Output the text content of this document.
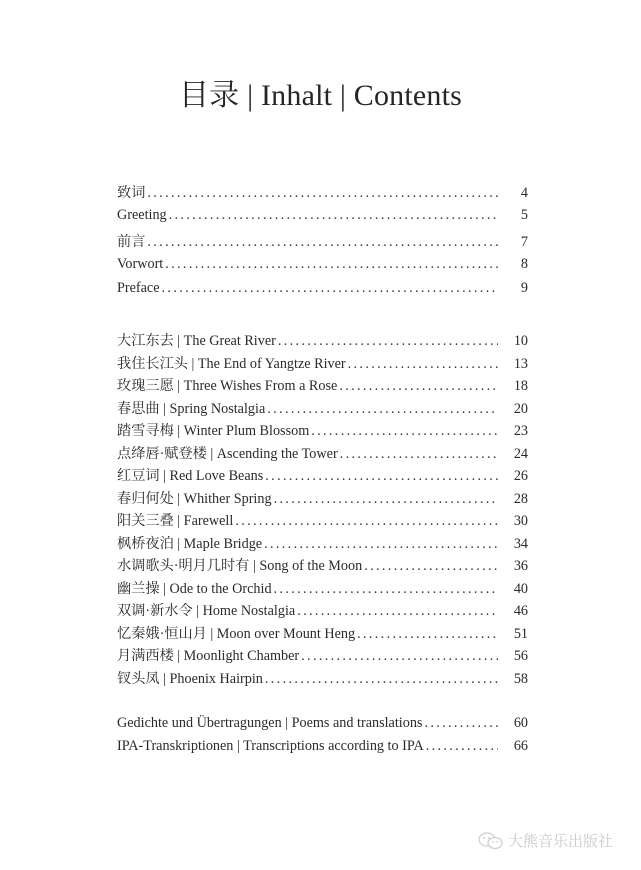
目录 | Inhalt | Contents
致词 . . .	4
Greeting . . .	5
前言 . . .	7
Vorwort . . .	8
Preface . . .	9
大江东去 | The Great River . . .	10
我住长江头 | The End of Yangtze River . . .	13
玫瑰三愿 | Three Wishes From a Rose . . .	18
春思曲 | Spring Nostalgia . . .	20
踏雪寻梅 | Winter Plum Blossom . . .	23
点绛唇·赋登楼 | Ascending the Tower . . .	24
红豆词 | Red Love Beans . . .	26
春归何处 | Whither Spring . . .	28
阳关三叠 | Farewell . . .	30
枫桥夜泊 | Maple Bridge . . .	34
水调歌头·明月几时有 | Song of the Moon . . .	36
幽兰操 | Ode to the Orchid . . .	40
双调·新水令 | Home Nostalgia . . .	46
忆秦娥·恒山月 | Moon over Mount Heng . . .	51
月满西楼 | Moonlight Chamber . . .	56
钗头凤 | Phoenix Hairpin . . .	58
Gedichte und Übertragungen | Poems and translations . . .	60
IPA-Transkriptionen | Transcriptions according to IPA . . .	66
大熊音乐出版社
